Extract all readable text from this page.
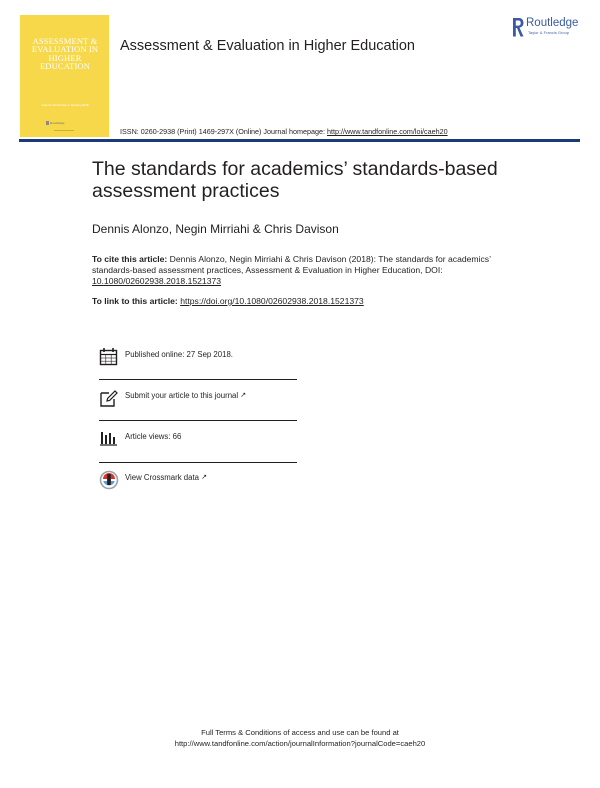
ASSESSMENT & EVALUATION IN HIGHER EDUCATION
Volume 43 Number 1 January 2018
Routledge
Assessment & Evaluation in Higher Education
Routledge
Taylor & Francis Group
ISSN: 0260-2938 (Print) 1469-297X (Online) Journal homepage: http://www.tandfonline.com/loi/caeh20
The standards for academics’ standards-based assessment practices
Dennis Alonzo, Negin Mirriahi & Chris Davison
To cite this article: Dennis Alonzo, Negin Mirriahi & Chris Davison (2018): The standards for academics’ standards-based assessment practices, Assessment & Evaluation in Higher Education, DOI: 10.1080/02602938.2018.1521373
To link to this article: https://doi.org/10.1080/02602938.2018.1521373
Published online: 27 Sep 2018.
Submit your article to this journal ↗
Article views: 66
View Crossmark data ↗
Full Terms & Conditions of access and use can be found at
http://www.tandfonline.com/action/journalInformation?journalCode=caeh20
